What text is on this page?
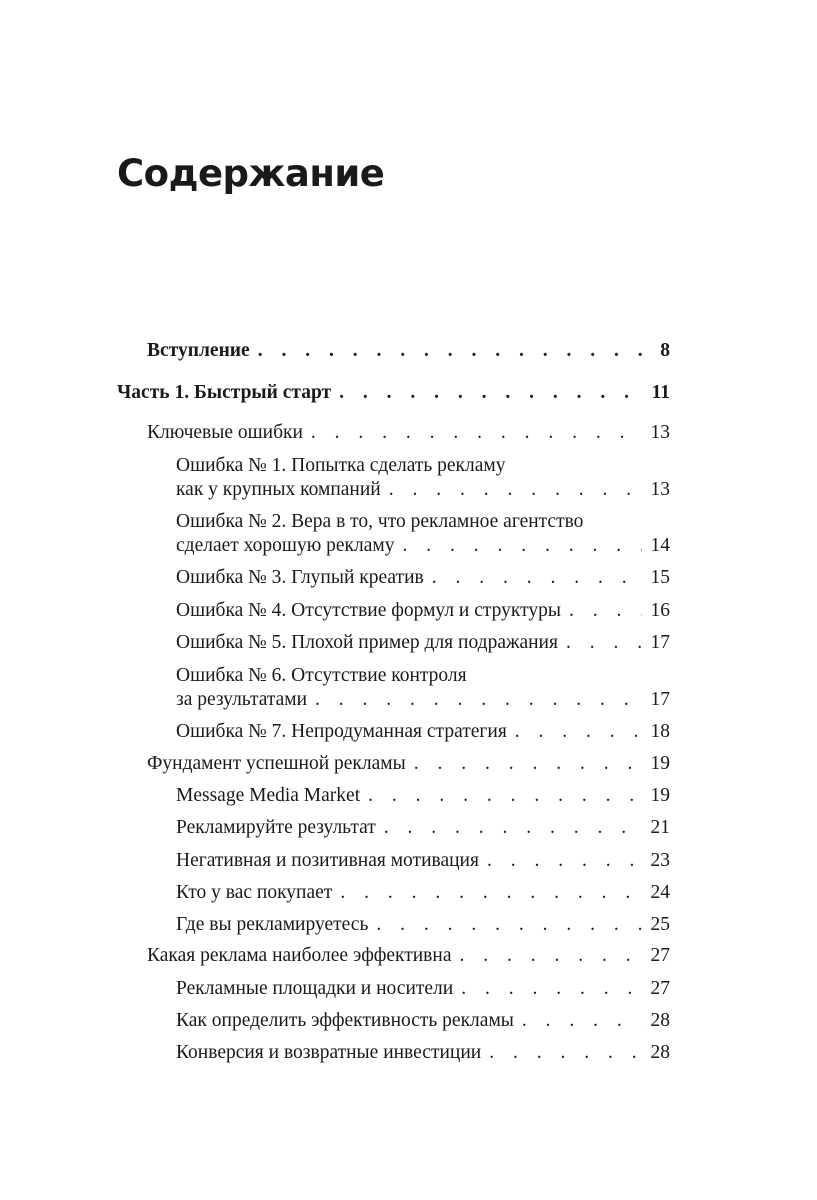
Содержание
Вступление . . .	8
Часть 1. Быстрый старт . . .	11
Ключевые ошибки . . .	13
Ошибка № 1. Попытка сделать рекламу
как у крупных компаний . . .	13
Ошибка № 2. Вера в то, что рекламное агентство
сделает хорошую рекламу . . .	14
Ошибка № 3. Глупый креатив . . .	15
Ошибка № 4. Отсутствие формул и структуры . . .	16
Ошибка № 5. Плохой пример для подражания . . .	17
Ошибка № 6. Отсутствие контроля
за результатами . . .	17
Ошибка № 7. Непродуманная стратегия . . .	18
Фундамент успешной рекламы . . .	19
Message Media Market . . .	19
Рекламируйте результат . . .	21
Негативная и позитивная мотивация . . .	23
Кто у вас покупает . . .	24
Где вы рекламируетесь . . .	25
Какая реклама наиболее эффективна . . .	27
Рекламные площадки и носители . . .	27
Как определить эффективность рекламы . . .	28
Конверсия и возвратные инвестиции . . .	28
